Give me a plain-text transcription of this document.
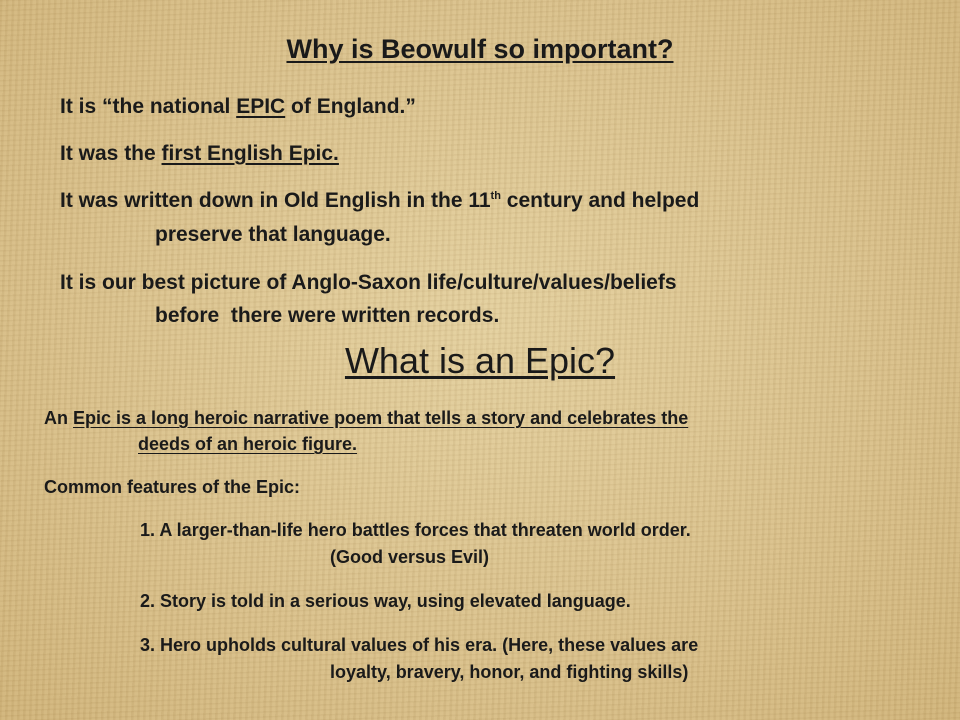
Why is Beowulf so important?

It is “the national EPIC of England.”

It was the first English Epic.

It was written down in Old English in the 11th century and helped

preserve that language.

It is our best picture of Anglo-Saxon life/culture/values/beliefs

before  there were written records.

What is an Epic?

An Epic is a long heroic narrative poem that tells a story and celebrates the

deeds of an heroic figure.

Common features of the Epic:

1. A larger-than-life hero battles forces that threaten world order.

(Good versus Evil)

2. Story is told in a serious way, using elevated language.

3. Hero upholds cultural values of his era. (Here, these values are

loyalty, bravery, honor, and fighting skills)
